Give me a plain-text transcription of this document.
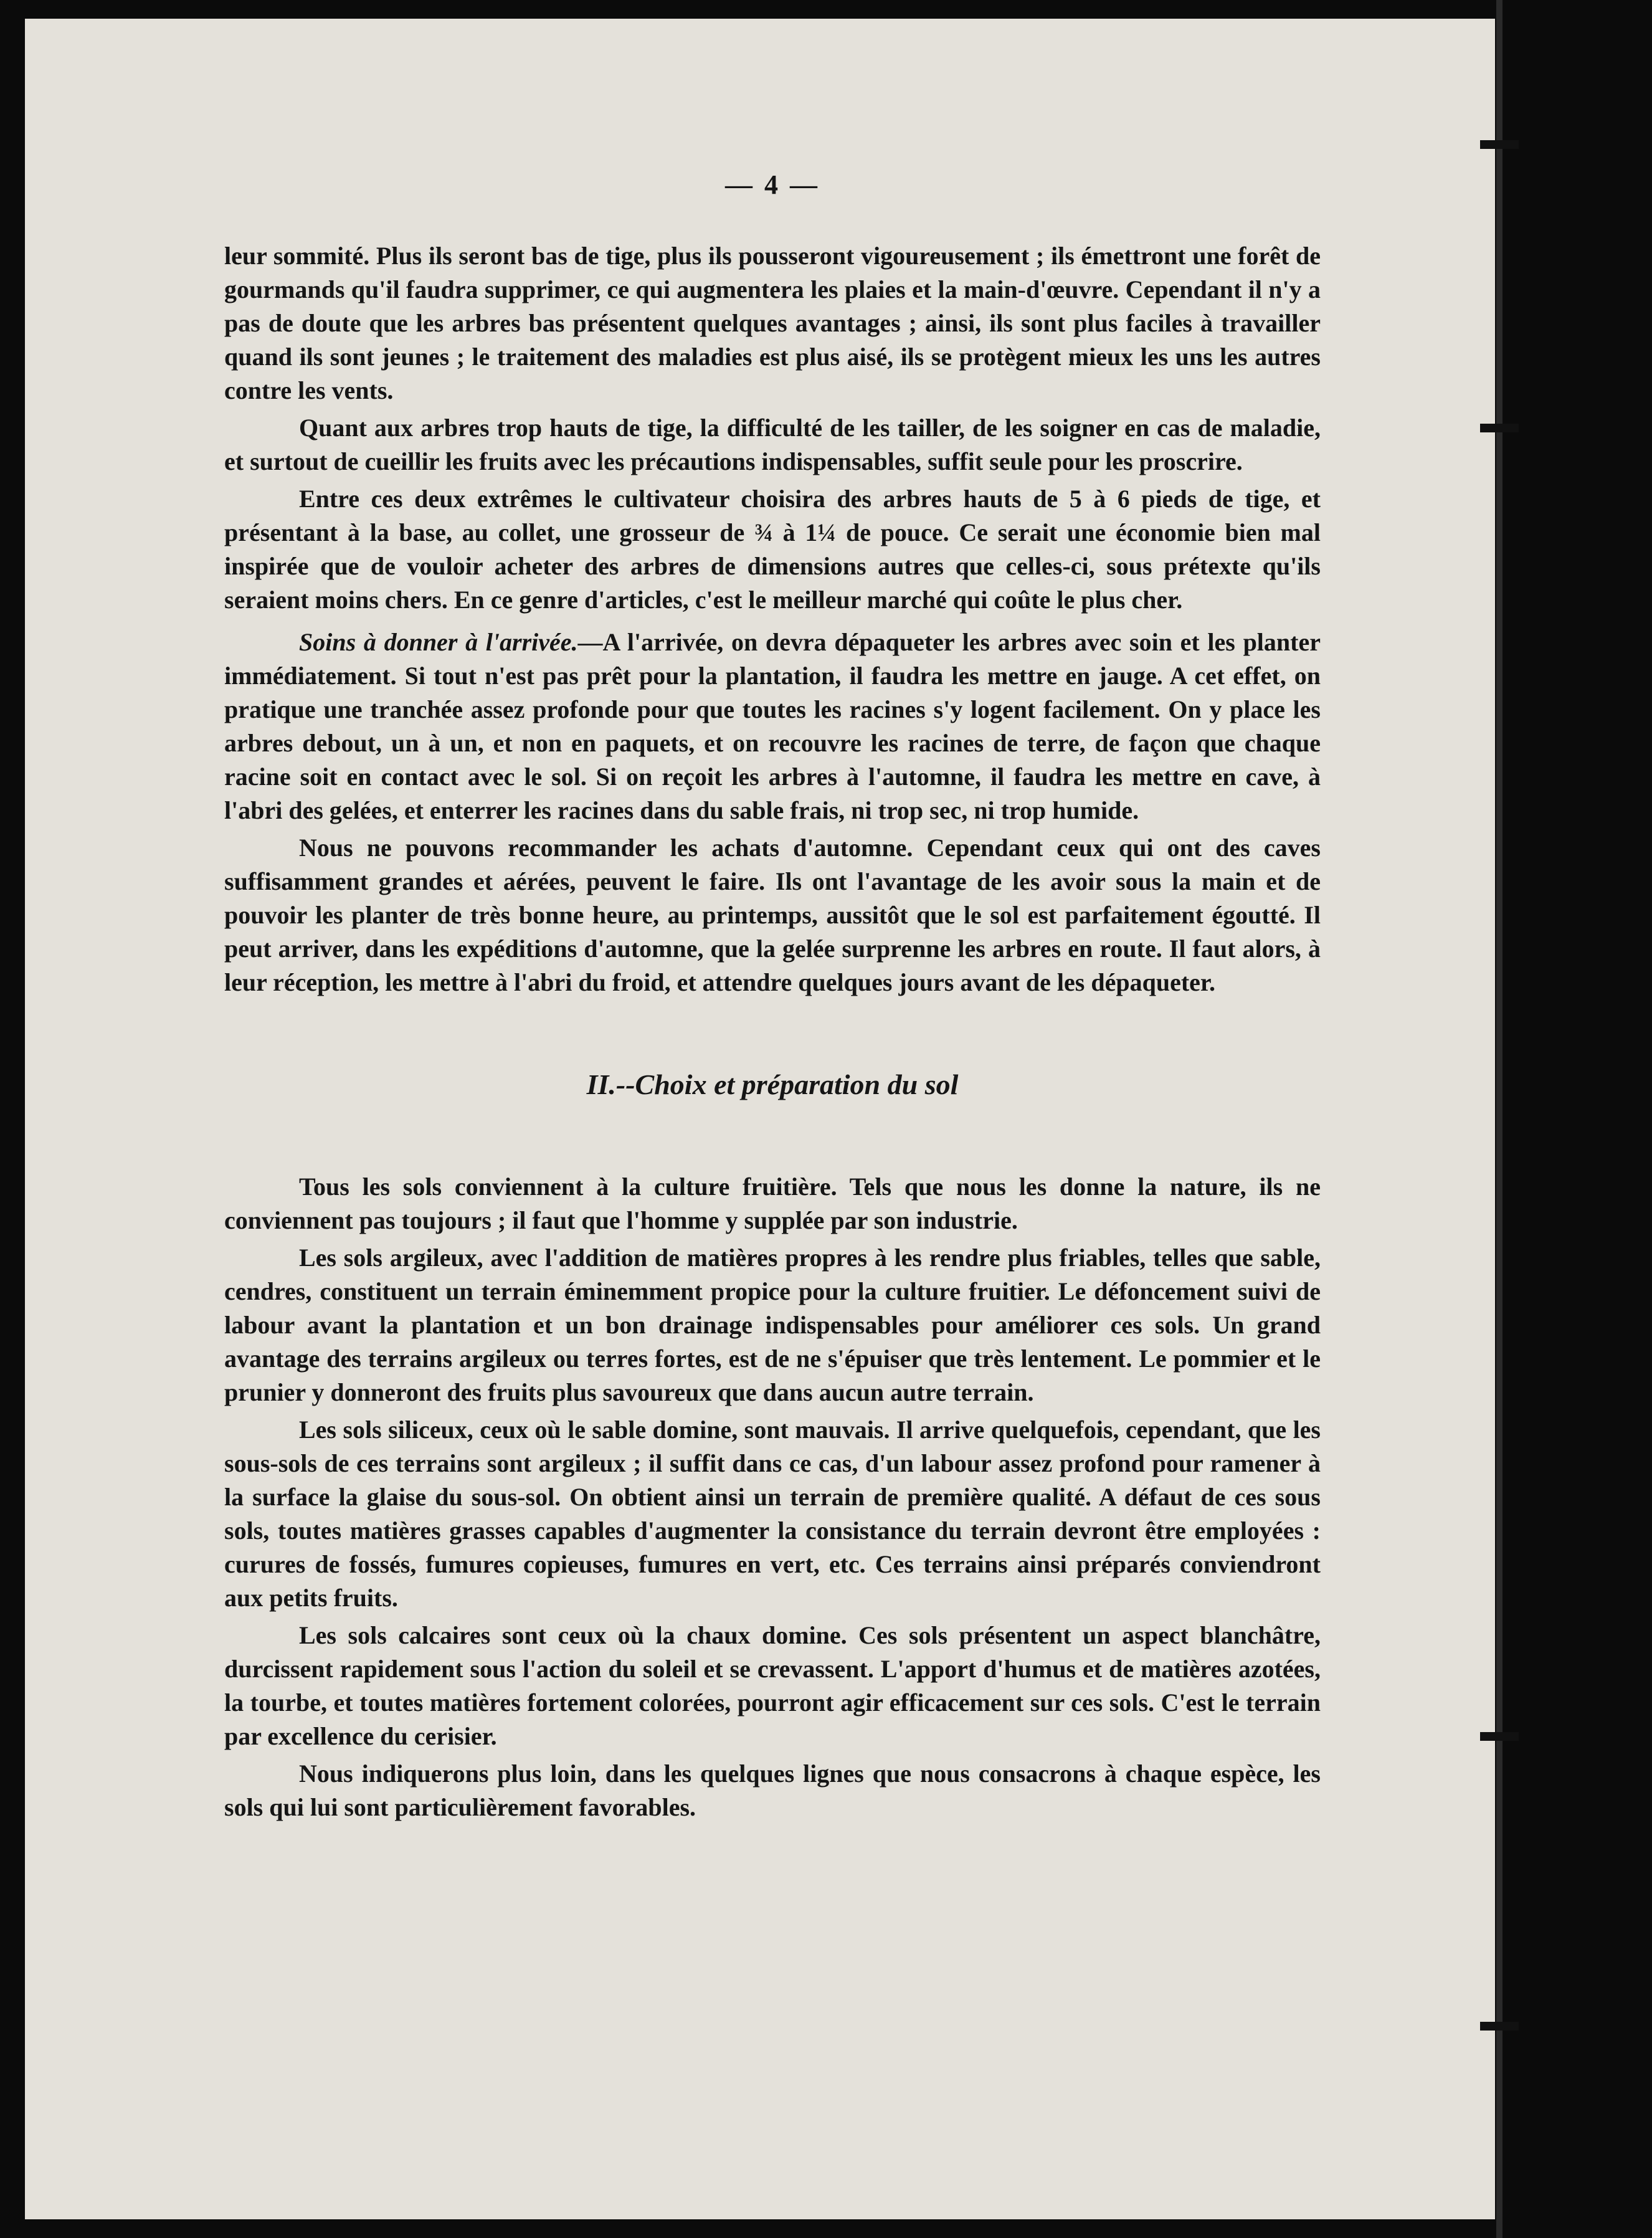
— 4 —

leur sommité. Plus ils seront bas de tige, plus ils pousseront vigoureusement ; ils émettront une forêt de gourmands qu'il faudra supprimer, ce qui augmentera les plaies et la main-d'œuvre. Cependant il n'y a pas de doute que les arbres bas présentent quelques avantages ; ainsi, ils sont plus faciles à travailler quand ils sont jeunes ; le traitement des maladies est plus aisé, ils se protègent mieux les uns les autres contre les vents.

Quant aux arbres trop hauts de tige, la difficulté de les tailler, de les soigner en cas de maladie, et surtout de cueillir les fruits avec les précautions indispensables, suffit seule pour les proscrire.

Entre ces deux extrêmes le cultivateur choisira des arbres hauts de 5 à 6 pieds de tige, et présentant à la base, au collet, une grosseur de ¾ à 1¼ de pouce. Ce serait une économie bien mal inspirée que de vouloir acheter des arbres de dimensions autres que celles-ci, sous prétexte qu'ils seraient moins chers. En ce genre d'articles, c'est le meilleur marché qui coûte le plus cher.

Soins à donner à l'arrivée.—A l'arrivée, on devra dépaqueter les arbres avec soin et les planter immédiatement. Si tout n'est pas prêt pour la plantation, il faudra les mettre en jauge. A cet effet, on pratique une tranchée assez profonde pour que toutes les racines s'y logent facilement. On y place les arbres debout, un à un, et non en paquets, et on recouvre les racines de terre, de façon que chaque racine soit en contact avec le sol. Si on reçoit les arbres à l'automne, il faudra les mettre en cave, à l'abri des gelées, et enterrer les racines dans du sable frais, ni trop sec, ni trop humide.

Nous ne pouvons recommander les achats d'automne. Cependant ceux qui ont des caves suffisamment grandes et aérées, peuvent le faire. Ils ont l'avantage de les avoir sous la main et de pouvoir les planter de très bonne heure, au printemps, aussitôt que le sol est parfaitement égoutté. Il peut arriver, dans les expéditions d'automne, que la gelée surprenne les arbres en route. Il faut alors, à leur réception, les mettre à l'abri du froid, et attendre quelques jours avant de les dépaqueter.

II.--Choix et préparation du sol

Tous les sols conviennent à la culture fruitière. Tels que nous les donne la nature, ils ne conviennent pas toujours ; il faut que l'homme y supplée par son industrie.

Les sols argileux, avec l'addition de matières propres à les rendre plus friables, telles que sable, cendres, constituent un terrain éminemment propice pour la culture fruitier. Le défoncement suivi de labour avant la plantation et un bon drainage indispensables pour améliorer ces sols. Un grand avantage des terrains argileux ou terres fortes, est de ne s'épuiser que très lentement. Le pommier et le prunier y donneront des fruits plus savoureux que dans aucun autre terrain.

Les sols siliceux, ceux où le sable domine, sont mauvais. Il arrive quelquefois, cependant, que les sous-sols de ces terrains sont argileux ; il suffit dans ce cas, d'un labour assez profond pour ramener à la surface la glaise du sous-sol. On obtient ainsi un terrain de première qualité. A défaut de ces sous sols, toutes matières grasses capables d'augmenter la consistance du terrain devront être employées : curures de fossés, fumures copieuses, fumures en vert, etc. Ces terrains ainsi préparés conviendront aux petits fruits.

Les sols calcaires sont ceux où la chaux domine. Ces sols présentent un aspect blanchâtre, durcissent rapidement sous l'action du soleil et se crevassent. L'apport d'humus et de matières azotées, la tourbe, et toutes matières fortement colorées, pourront agir efficacement sur ces sols. C'est le terrain par excellence du cerisier.

Nous indiquerons plus loin, dans les quelques lignes que nous consacrons à chaque espèce, les sols qui lui sont particulièrement favorables.
